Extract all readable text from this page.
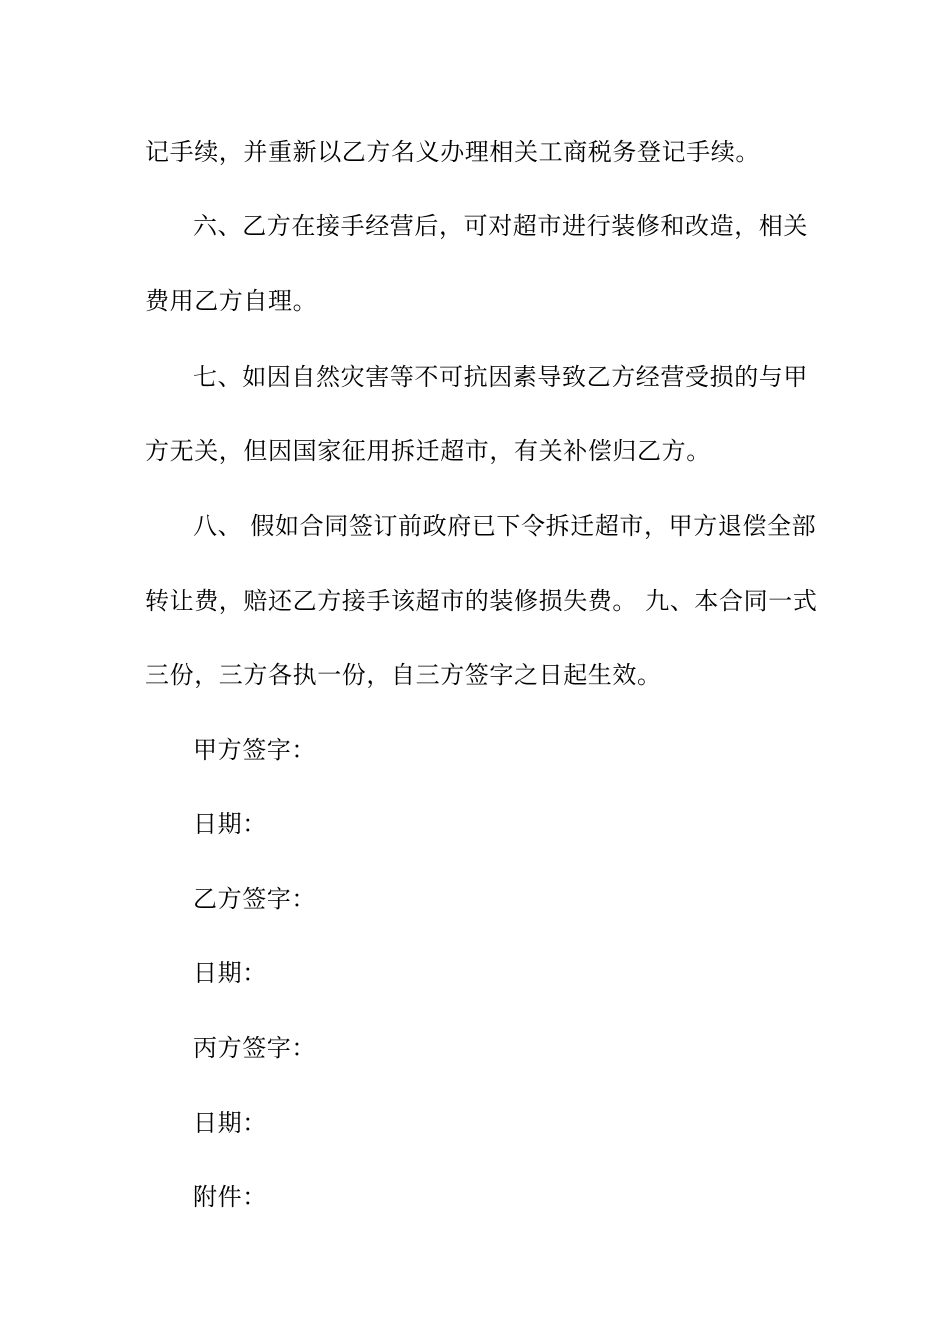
记手续，并重新以乙方名义办理相关工商税务登记手续。
六、乙方在接手经营后，可对超市进行装修和改造，相关
费用乙方自理。
七、如因自然灾害等不可抗因素导致乙方经营受损的与甲
方无关，但因国家征用拆迁超市，有关补偿归乙方。
八、 假如合同签订前政府已下令拆迁超市，甲方退偿全部
转让费，赔还乙方接手该超市的装修损失费。 九、本合同一式
三份，三方各执一份，自三方签字之日起生效。
甲方签字：
日期：
乙方签字：
日期：
丙方签字：
日期：
附件：
